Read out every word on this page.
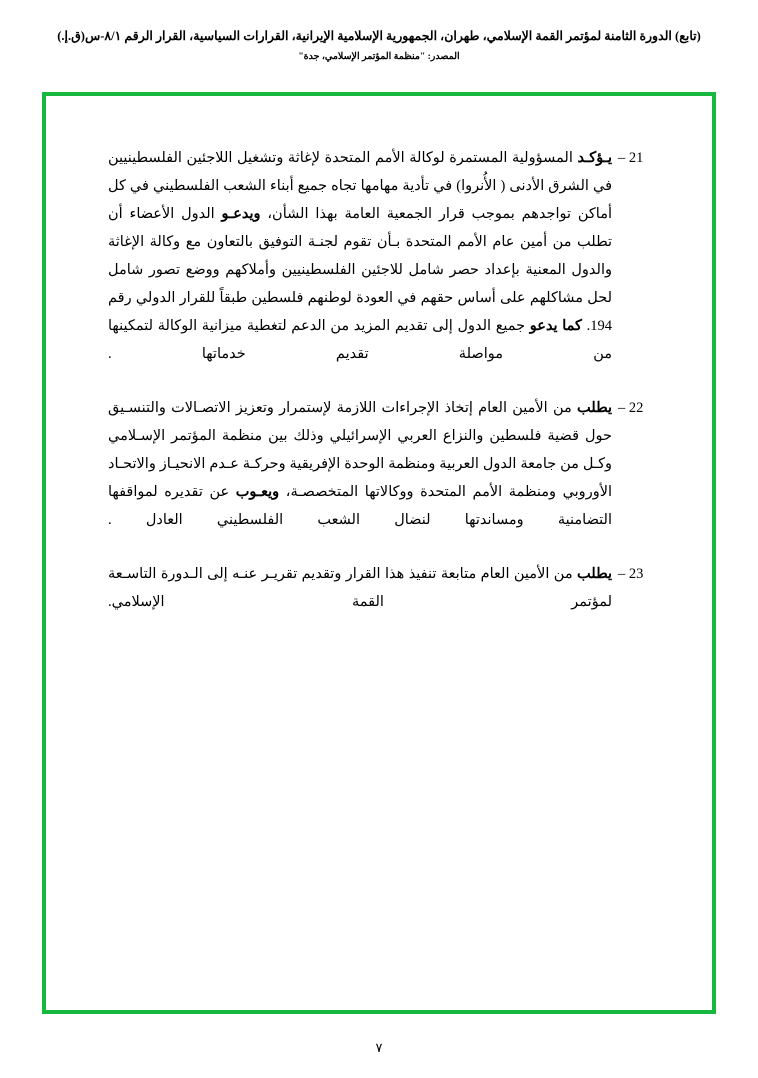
(تابع) الدورة الثامنة لمؤتمر القمة الإسلامي، طهران، الجمهورية الإسلامية الإيرانية، القرارات السياسية، القرار الرقم ٨/١-س(ق.إ.)
المصدر: "منظمة المؤتمر الإسلامي، جدة"
21 –
يـؤكـد المسؤولية المستمرة لوكالة الأمم المتحدة لإغاثة وتشغيل اللاجئين الفلسطينيين في الشرق الأدنى ( الأُنروا) في تأدية مهامها تجاه جميع أبناء الشعب الفلسطيني في كل أماكن تواجدهم بموجب قرار الجمعية العامة بهذا الشأن، ويدعـو الدول الأعضاء أن تطلب من أمين عام الأمم المتحدة بـأن تقوم لجنـة التوفيق بالتعاون مع وكالة الإغاثة والدول المعنية بإعداد حصر شامل للاجئين الفلسطينيين وأملاكهم ووضع تصور شامل لحل مشاكلهم على أساس حقهم في العودة لوطنهم فلسطين طبقاً للقرار الدولي رقم 194. كما يدعو جميع الدول إلى تقديم المزيد من الدعم لتغطية ميزانية الوكالة لتمكينها من مواصلة تقديم خدماتها .
22 –
يطلب من الأمين العام إتخاذ الإجراءات اللازمة لإستمرار وتعزيز الاتصـالات والتنسـيق حول قضية فلسطين والنزاع العربي الإسرائيلي وذلك بين منظمة المؤتمر الإسـلامي وكـل من جامعة الدول العربية ومنظمة الوحدة الإفريقية وحركـة عـدم الانحيـاز والاتحـاد الأوروبي ومنظمة الأمم المتحدة ووكالاتها المتخصصـة، ويعـوب عن تقديره لمواقفها التضامنية ومساندتها لنضال الشعب الفلسطيني العادل .
23 –
يطلب من الأمين العام متابعة تنفيذ هذا القرار وتقديم تقريـر عنـه إلى الـدورة التاسـعة لمؤتمر القمة الإسلامي.
٧
